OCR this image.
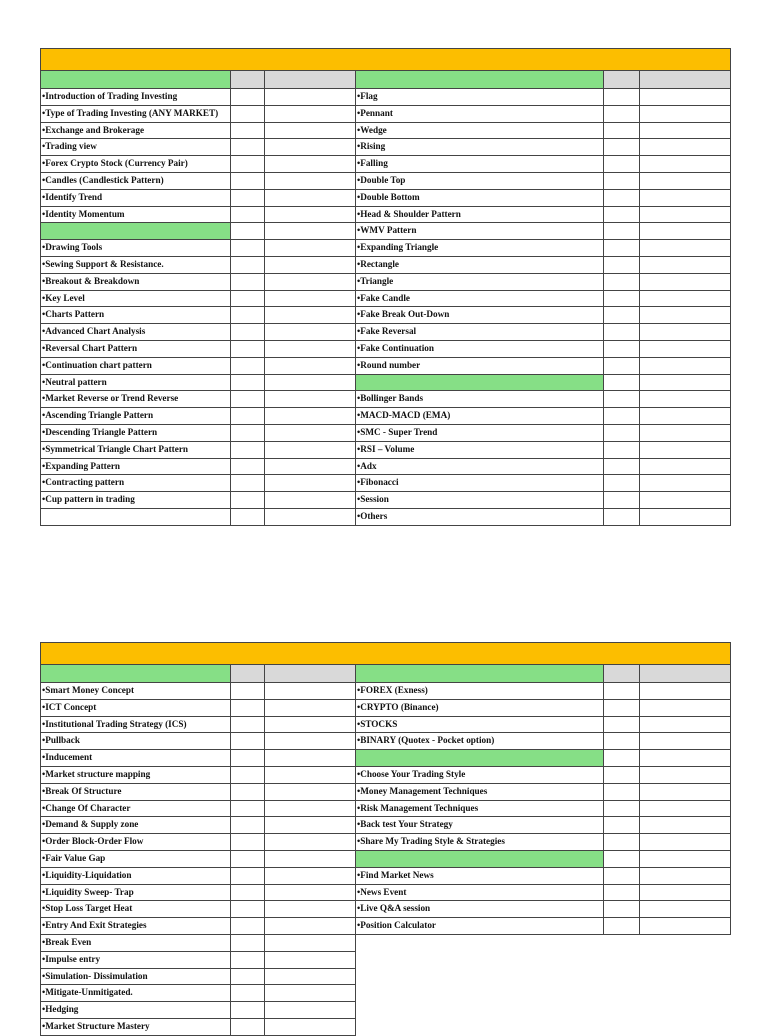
•Introduction of Trading Investing
•Type of Trading Investing (ANY MARKET)
•Exchange and Brokerage
•Trading view
•Forex Crypto Stock (Currency Pair)
•Candles (Candlestick Pattern)
•Identify Trend
•Identity Momentum
•Drawing Tools
•Sewing Support & Resistance.
•Breakout & Breakdown
•Key Level
•Charts Pattern
•Advanced Chart Analysis
•Reversal Chart Pattern
•Continuation chart pattern
•Neutral pattern
•Market Reverse or Trend Reverse
•Ascending Triangle Pattern
•Descending Triangle Pattern
•Symmetrical Triangle Chart Pattern
•Expanding Pattern
•Contracting pattern
•Cup pattern in trading
•Flag
•Pennant
•Wedge
•Rising
•Falling
•Double Top
•Double Bottom
•Head & Shoulder Pattern
•WMV Pattern
•Expanding Triangle
•Rectangle
•Triangle
•Fake Candle
•Fake Break Out-Down
•Fake Reversal
•Fake Continuation
•Round number
•Bollinger Bands
•MACD-MACD (EMA)
•SMC - Super Trend
•RSI – Volume
•Adx
•Fibonacci
•Session
•Others
•Smart Money Concept
•ICT Concept
•Institutional Trading Strategy (ICS)
•Pullback
•Inducement
•Market structure mapping
•Break Of Structure
•Change Of Character
•Demand & Supply zone
•Order Block-Order Flow
•Fair Value Gap
•Liquidity-Liquidation
•Liquidity Sweep- Trap
•Stop Loss Target Heat
•Entry And Exit Strategies
•Break Even
•Impulse entry
•Simulation- Dissimulation
•Mitigate-Unmitigated.
•Hedging
•Market Structure Mastery
•FOREX (Exness)
•CRYPTO (Binance)
•STOCKS
•BINARY (Quotex - Pocket option)
•Choose Your Trading Style
•Money Management Techniques
•Risk Management Techniques
•Back test Your Strategy
•Share My Trading Style & Strategies
•Find Market News
•News Event
•Live Q&A session
•Position Calculator
